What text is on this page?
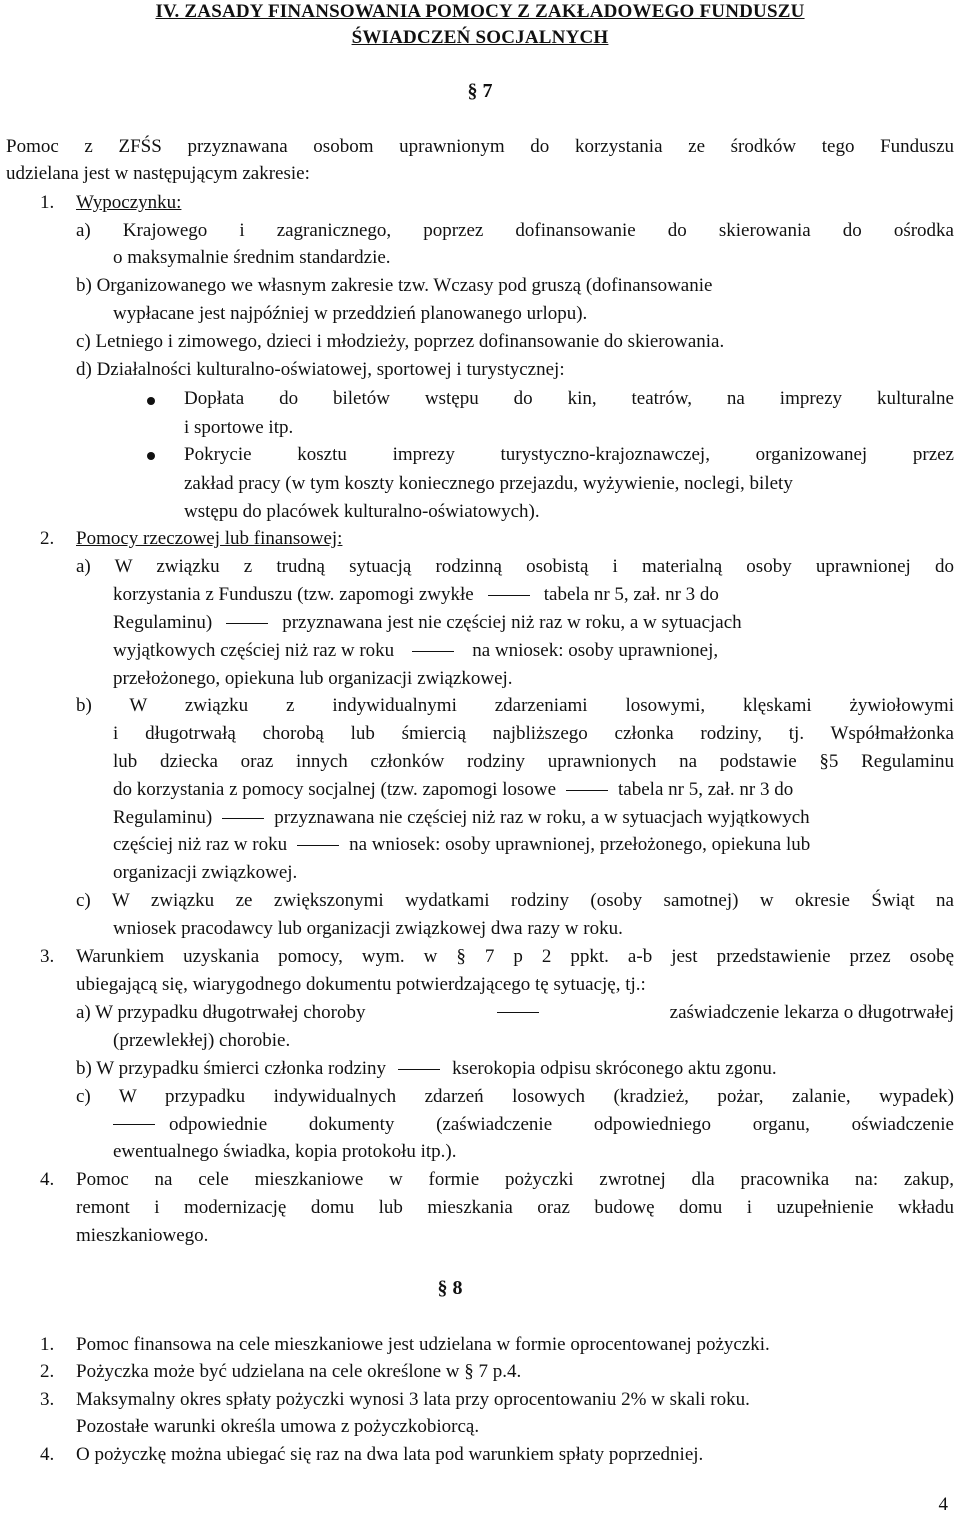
IV. ZASADY FINANSOWANIA POMOCY Z ZAKŁADOWEGO FUNDUSZU
ŚWIADCZEŃ SOCJALNYCH
§ 7
Pomoc z ZFŚS przyznawana osobom uprawnionym do korzystania ze środków tego Funduszu
udzielana jest w następującym zakresie:
1. Wypoczynku:
a) Krajowego i zagranicznego, poprzez dofinansowanie do skierowania do ośrodka
o maksymalnie średnim standardzie.
b) Organizowanego we własnym zakresie tzw. Wczasy pod gruszą (dofinansowanie
wypłacane jest najpóźniej w przeddzień planowanego urlopu).
c) Letniego i zimowego, dzieci i młodzieży, poprzez dofinansowanie do skierowania.
d) Działalności kulturalno-oświatowej, sportowej i turystycznej:
Dopłata do biletów wstępu do kin, teatrów, na imprezy kulturalne
i sportowe itp.
Pokrycie kosztu imprezy turystyczno-krajoznawczej, organizowanej przez
zakład pracy (w tym koszty koniecznego przejazdu, wyżywienie, noclegi, bilety
wstępu do placówek kulturalno-oświatowych).
2. Pomocy rzeczowej lub finansowej:
a) W związku z trudną sytuacją rodzinną osobistą i materialną osoby uprawnionej do
korzystania z Funduszu (tzw. zapomogi zwykłe	tabela nr 5, zał. nr 3 do
Regulaminu)	przyznawana jest nie częściej niż raz w roku, a w sytuacjach
wyjątkowych częściej niż raz w roku	na wniosek: osoby uprawnionej,
przełożonego, opiekuna lub organizacji związkowej.
b) W związku z indywidualnymi zdarzeniami losowymi, klęskami żywiołowymi
i długotrwałą chorobą lub śmiercią najbliższego członka rodziny, tj. Współmałżonka
lub dziecka oraz innych członków rodziny uprawnionych na podstawie §5 Regulaminu
do korzystania z pomocy socjalnej (tzw. zapomogi losowe	tabela nr 5, zał. nr 3 do
Regulaminu)	przyznawana nie częściej niż raz w roku, a w sytuacjach wyjątkowych
częściej niż raz w roku	na wniosek: osoby uprawnionej, przełożonego, opiekuna lub
organizacji związkowej.
c) W związku ze zwiększonymi wydatkami rodziny (osoby samotnej) w okresie Świąt na
wniosek pracodawcy lub organizacji związkowej dwa razy w roku.
3. Warunkiem uzyskania pomocy, wym. w § 7 p 2 ppkt. a-b jest przedstawienie przez osobę
ubiegającą się, wiarygodnego dokumentu potwierdzającego tę sytuację, tj.:
a) W przypadku długotrwałej choroby	zaświadczenie lekarza o długotrwałej
(przewlekłej) chorobie.
b) W przypadku śmierci członka rodziny	kserokopia odpisu skróconego aktu zgonu.
c) W przypadku indywidualnych zdarzeń losowych (kradzież, pożar, zalanie, wypadek)
odpowiednie dokumenty (zaświadczenie odpowiedniego organu, oświadczenie
ewentualnego świadka, kopia protokołu itp.).
4. Pomoc na cele mieszkaniowe w formie pożyczki zwrotnej dla pracownika na: zakup,
remont i modernizację domu lub mieszkania oraz budowę domu i uzupełnienie wkładu
mieszkaniowego.
§ 8
1. Pomoc finansowa na cele mieszkaniowe jest udzielana w formie oprocentowanej pożyczki.
2. Pożyczka może być udzielana na cele określone w § 7 p.4.
3. Maksymalny okres spłaty pożyczki wynosi 3 lata przy oprocentowaniu 2% w skali roku.
Pozostałe warunki określa umowa z pożyczkobiorcą.
4. O pożyczkę można ubiegać się raz na dwa lata pod warunkiem spłaty poprzedniej.
4
